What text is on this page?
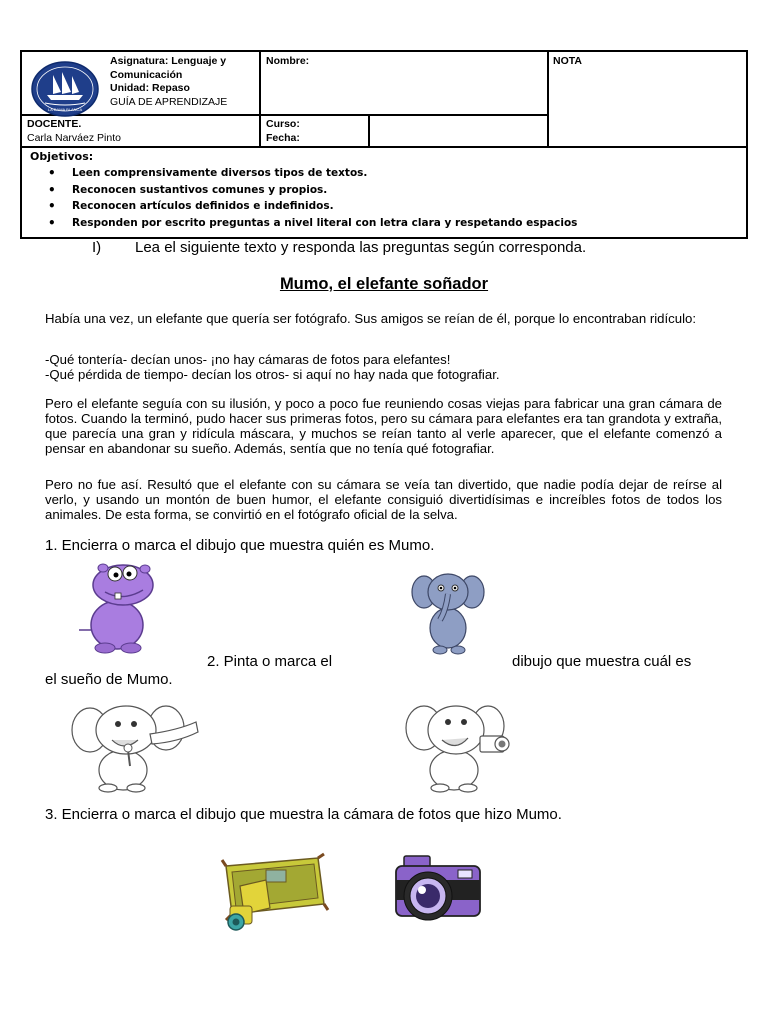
LA DAMA BLANCA
Asignatura: Lenguaje y Comunicación
Unidad: Repaso
GUÍA DE APRENDIZAJE
Nombre:	NOTA
DOCENTE.
Carla Narváez Pinto
Curso:
Fecha:
Objetivos:
• Leen comprensivamente diversos tipos de textos.
• Reconocen sustantivos comunes y propios.
• Reconocen artículos definidos e indefinidos.
• Responden por escrito preguntas a nivel literal con letra clara y respetando espacios
I) Lea el siguiente texto y responda las preguntas según corresponda.
Mumo, el elefante soñador
Había una vez, un elefante que quería ser fotógrafo. Sus amigos se reían de él, porque lo encontraban ridículo:
-Qué tontería- decían unos- ¡no hay cámaras de fotos para elefantes!
-Qué pérdida de tiempo- decían los otros- si aquí no hay nada que fotografiar.
Pero el elefante seguía con su ilusión, y poco a poco fue reuniendo cosas viejas para fabricar una gran cámara de fotos. Cuando la terminó, pudo hacer sus primeras fotos, pero su cámara para elefantes era tan grandota y extraña, que parecía una gran y ridícula máscara, y muchos se reían tanto al verle aparecer, que el elefante comenzó a pensar en abandonar su sueño. Además, sentía que no tenía qué fotografiar.
Pero no fue así. Resultó que el elefante con su cámara se veía tan divertido, que nadie podía dejar de reírse al verlo, y usando un montón de buen humor, el elefante consiguió divertidísimas e increíbles fotos de todos los animales. De esta forma, se convirtió en el fotógrafo oficial de la selva.
1. Encierra o marca el dibujo que muestra quién es Mumo.
2. Pinta o marca el	dibujo que muestra cuál es
el sueño de Mumo.
3. Encierra o marca el dibujo que muestra la cámara de fotos que hizo Mumo.
